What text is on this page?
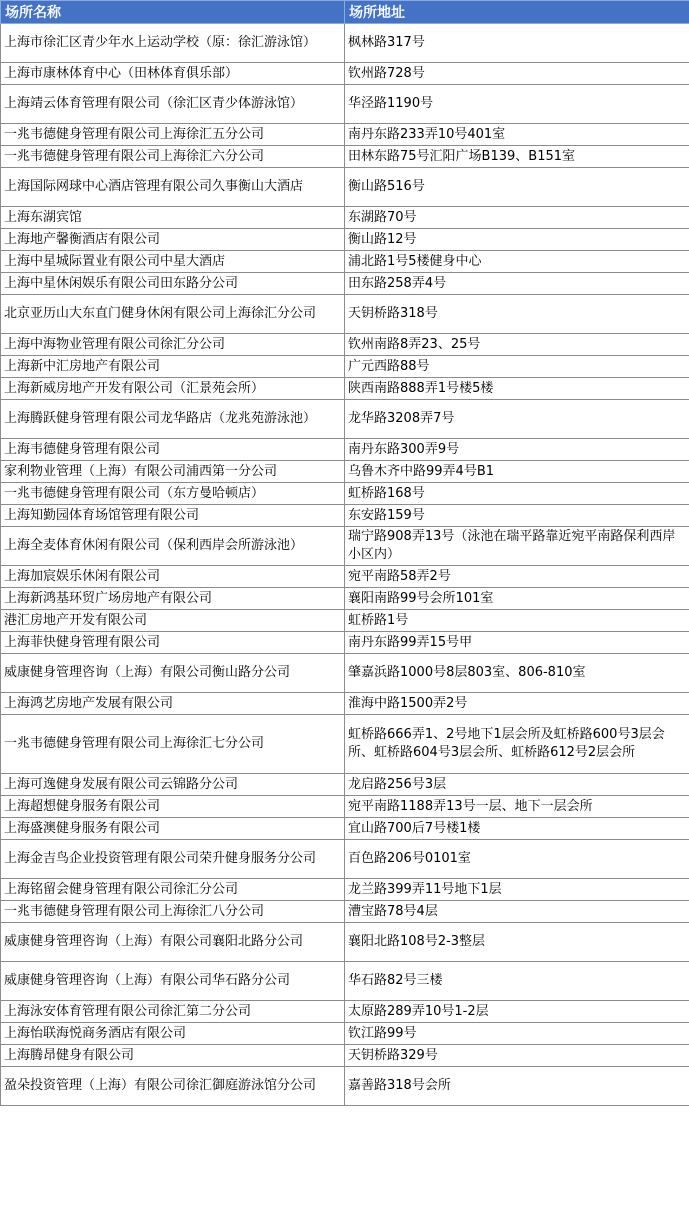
场所名称	场所地址
上海市徐汇区青少年水上运动学校（原：徐汇游泳馆）	枫林路317号
上海市康林体育中心（田林体育俱乐部）	钦州路728号
上海靖云体育管理有限公司（徐汇区青少体游泳馆）	华泾路1190号
一兆韦德健身管理有限公司上海徐汇五分公司	南丹东路233弄10号401室
一兆韦德健身管理有限公司上海徐汇六分公司	田林东路75号汇阳广场B139、B151室
上海国际网球中心酒店管理有限公司久事衡山大酒店	衡山路516号
上海东湖宾馆	东湖路70号
上海地产馨衡酒店有限公司	衡山路12号
上海中星城际置业有限公司中星大酒店	浦北路1号5楼健身中心
上海中星休闲娱乐有限公司田东路分公司	田东路258弄4号
北京亚历山大东直门健身休闲有限公司上海徐汇分公司	天钥桥路318号
上海中海物业管理有限公司徐汇分公司	钦州南路8弄23、25号
上海新中汇房地产有限公司	广元西路88号
上海新威房地产开发有限公司（汇景苑会所）	陕西南路888弄1号楼5楼
上海腾跃健身管理有限公司龙华路店（龙兆苑游泳池）	龙华路3208弄7号
上海韦德健身管理有限公司	南丹东路300弄9号
家利物业管理（上海）有限公司浦西第一分公司	乌鲁木齐中路99弄4号B1
一兆韦德健身管理有限公司（东方曼哈顿店）	虹桥路168号
上海知勤园体育场馆管理有限公司	东安路159号
上海全麦体育休闲有限公司（保利西岸会所游泳池）	瑞宁路908弄13号（泳池在瑞平路靠近宛平南路保利西岸小区内）
上海加宸娱乐休闲有限公司	宛平南路58弄2号
上海新鸿基环贸广场房地产有限公司	襄阳南路99号会所101室
港汇房地产开发有限公司	虹桥路1号
上海菲快健身管理有限公司	南丹东路99弄15号甲
威康健身管理咨询（上海）有限公司衡山路分公司	肇嘉浜路1000号8层803室、806-810室
上海鸿艺房地产发展有限公司	淮海中路1500弄2号
一兆韦德健身管理有限公司上海徐汇七分公司	虹桥路666弄1、2号地下1层会所及虹桥路600号3层会所、虹桥路604号3层会所、虹桥路612号2层会所
上海可逸健身发展有限公司云锦路分公司	龙启路256号3层
上海超想健身服务有限公司	宛平南路1188弄13号一层、地下一层会所
上海盛澳健身服务有限公司	宜山路700后7号楼1楼
上海金吉鸟企业投资管理有限公司荣升健身服务分公司	百色路206号0101室
上海铭留会健身管理有限公司徐汇分公司	龙兰路399弄11号地下1层
一兆韦德健身管理有限公司上海徐汇八分公司	漕宝路78号4层
威康健身管理咨询（上海）有限公司襄阳北路分公司	襄阳北路108号2-3整层
威康健身管理咨询（上海）有限公司华石路分公司	华石路82号三楼
上海泳安体育管理有限公司徐汇第二分公司	太原路289弄10号1-2层
上海怡联海悦商务酒店有限公司	钦江路99号
上海腾昂健身有限公司	天钥桥路329号
盈朵投资管理（上海）有限公司徐汇御庭游泳馆分公司	嘉善路318号会所
